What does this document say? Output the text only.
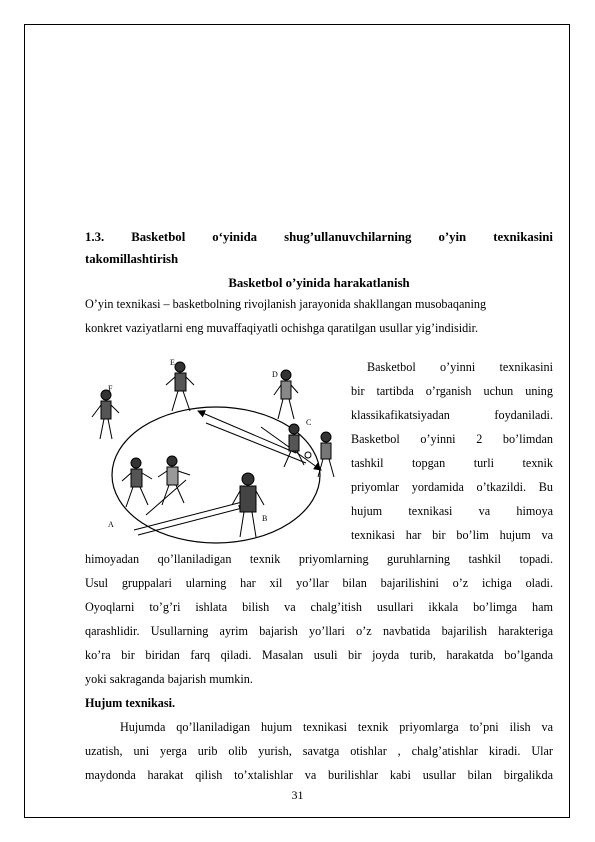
1.3. Basketbol o‘yinida shug’ullanuvchilarning o’yin texnikasini
takomillashtirish
Basketbol o’yinida harakatlanish
O’yin texnikasi – basketbolning rivojlanish jarayonida shakllangan musobaqaning
konkret vaziyatlarni eng muvaffaqiyatli ochishga qaratilgan usullar yig’indisidir.
F
E
D
C
B
A
Basketbol o’yinni texnikasini
bir tartibda o’rganish uchun uning
klassikafikatsiyadan foydaniladi.
Basketbol o’yinni 2 bo’limdan
tashkil topgan turli texnik
priyomlar yordamida o’tkazildi. Bu
hujum texnikasi va himoya
texnikasi har bir bo’lim hujum va
himoyadan qo’llaniladigan texnik priyomlarning guruhlarning tashkil topadi.
Usul gruppalari ularning har xil yo’llar bilan bajarilishini o’z ichiga oladi.
Oyoqlarni to’g’ri ishlata bilish va chalg’itish usullari ikkala bo’limga ham
qarashlidir. Usullarning ayrim bajarish yo’llari o’z navbatida bajarilish harakteriga
ko’ra bir biridan farq qiladi. Masalan usuli bir joyda turib, harakatda bo’lganda
yoki sakraganda bajarish mumkin.
Hujum texnikasi.
Hujumda qo’llaniladigan hujum texnikasi texnik priyomlarga to’pni ilish va
uzatish, uni yerga urib olib yurish, savatga otishlar , chalg’atishlar kiradi. Ular
maydonda harakat qilish to’xtalishlar va burilishlar kabi usullar bilan birgalikda
31
